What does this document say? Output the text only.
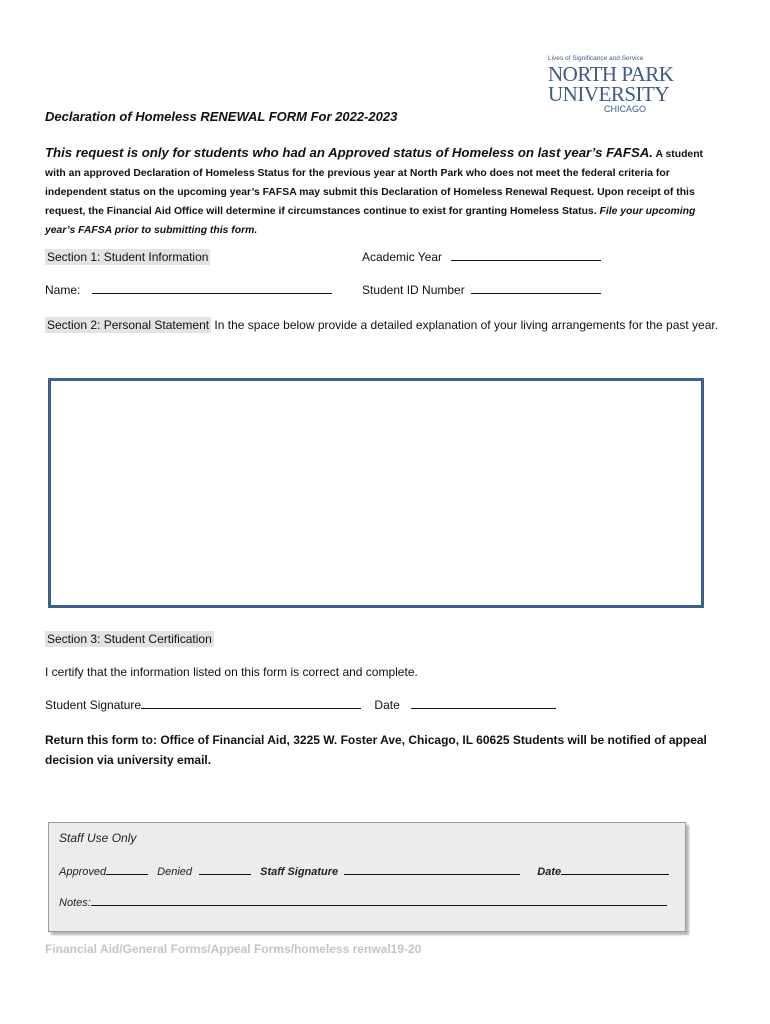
Lives of Significance and Service
NORTH PARK
UNIVERSITY
CHICAGO
Declaration of Homeless RENEWAL FORM For 2022-2023
This request is only for students who had an Approved status of Homeless on last year’s FAFSA. A student with an approved Declaration of Homeless Status for the previous year at North Park who does not meet the federal criteria for independent status on the upcoming year’s FAFSA may submit this Declaration of Homeless Renewal Request. Upon receipt of this request, the Financial Aid Office will determine if circumstances continue to exist for granting Homeless Status. File your upcoming year’s FAFSA prior to submitting this form.
Section 1: Student Information	Academic Year
Name:	Student ID Number
Section 2: Personal Statement In the space below provide a detailed explanation of your living arrangements for the past year.
Section 3: Student Certification
I certify that the information listed on this form is correct and complete.
Student Signature	Date
Return this form to: Office of Financial Aid, 3225 W. Foster Ave, Chicago, IL 60625 Students will be notified of appeal decision via university email.
Staff Use Only
Approved	Denied	Staff Signature	Date
Notes:
Financial Aid/General Forms/Appeal Forms/homeless renwal19-20
